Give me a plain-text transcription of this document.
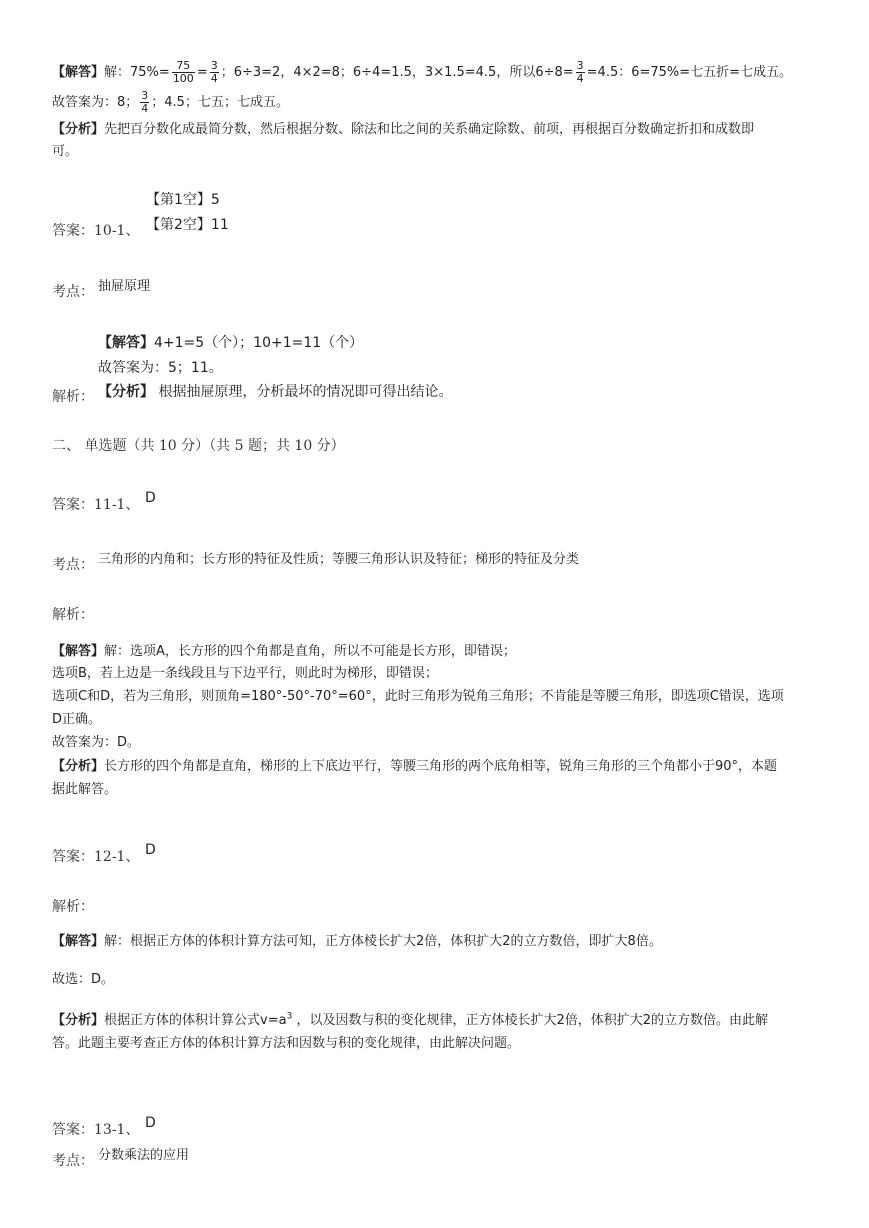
【解答】解：$75\%= \frac{75}{100} = \frac{3}{4}$ ；6÷3=2，4×2=8；6÷4=1.5，3×1.5=4.5，所以$6\div 8= \frac{3}{4} =4.5$：6=75%=七五折=七成五。
故答案为：8； $\frac{3}{4}$ ；4.5；七五；七成五。
【分析】先把百分数化成最简分数，然后根据分数、除法和比之间的关系确定除数、前项，再根据百分数确定折扣和成数即
可。
【第1空】5
答案：10-1、 【第2空】11
考点： 抽屉原理
【解答】4+1=5（个）；10+1=11（个）
故答案为：5；11。
解析： 【分析】 根据抽屉原理，分析最坏的情况即可得出结论。
二、 单选题（共 10 分）（共 5 题；共 10 分）
答案：11-1、 D
考点： 三角形的内角和；长方形的特征及性质；等腰三角形认识及特征；梯形的特征及分类
解析：
【解答】解：选项A，长方形的四个角都是直角，所以不可能是长方形，即错误；
选项B，若上边是一条线段且与下边平行，则此时为梯形，即错误；
选项C和D，若为三角形，则顶角=180°-50°-70°=60°，此时三角形为锐角三角形；不肯能是等腰三角形，即选项C错误，选项
D正确。
故答案为：D。
【分析】长方形的四个角都是直角，梯形的上下底边平行，等腰三角形的两个底角相等，锐角三角形的三个角都小于90°，本题
据此解答。
答案：12-1、 D
解析：
【解答】解：根据正方体的体积计算方法可知，正方体棱长扩大2倍，体积扩大2的立方数倍，即扩大8倍。
故选：D。
【分析】根据正方体的体积计算公式$v=a^3$ ，以及因数与积的变化规律，正方体棱长扩大2倍，体积扩大2的立方数倍。由此解
答。此题主要考查正方体的体积计算方法和因数与积的变化规律，由此解决问题。
答案：13-1、 D
考点： 分数乘法的应用
